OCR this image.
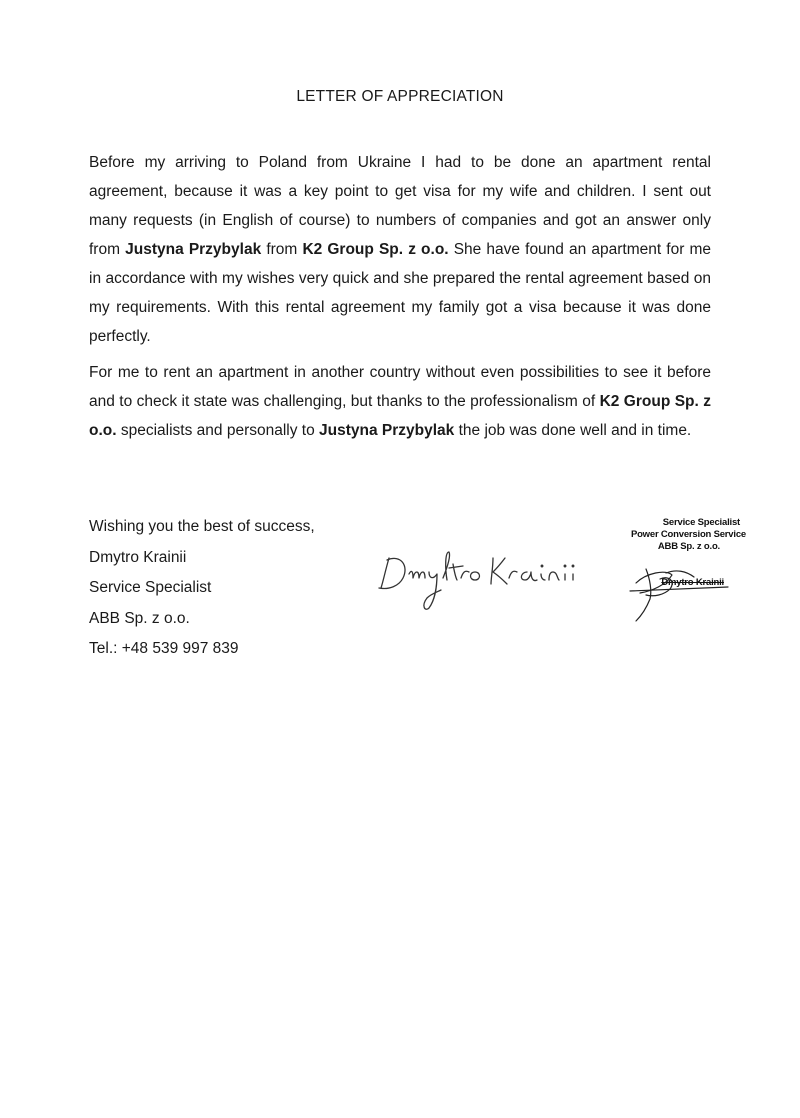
LETTER OF APPRECIATION

Before my arriving to Poland from Ukraine I had to be done an apartment rental agreement, because it was a key point to get visa for my wife and children. I sent out many requests (in English of course) to numbers of companies and got an answer only from Justyna Przybylak from K2 Group Sp. z o.o. She have found an apartment for me in accordance with my wishes very quick and she prepared the rental agreement based on my requirements. With this rental agreement my family got a visa because it was done perfectly.

For me to rent an apartment in another country without even possibilities to see it before and to check it state was challenging, but thanks to the professionalism of K2 Group Sp. z o.o. specialists and personally to Justyna Przybylak the job was done well and in time.

Wishing you the best of success,
Dmytro Krainii
Service Specialist
ABB Sp. z o.o.
Tel.: +48 539 997 839
Service Specialist
Power Conversion Service
ABB Sp. z o.o.
Dmytro Krainii
